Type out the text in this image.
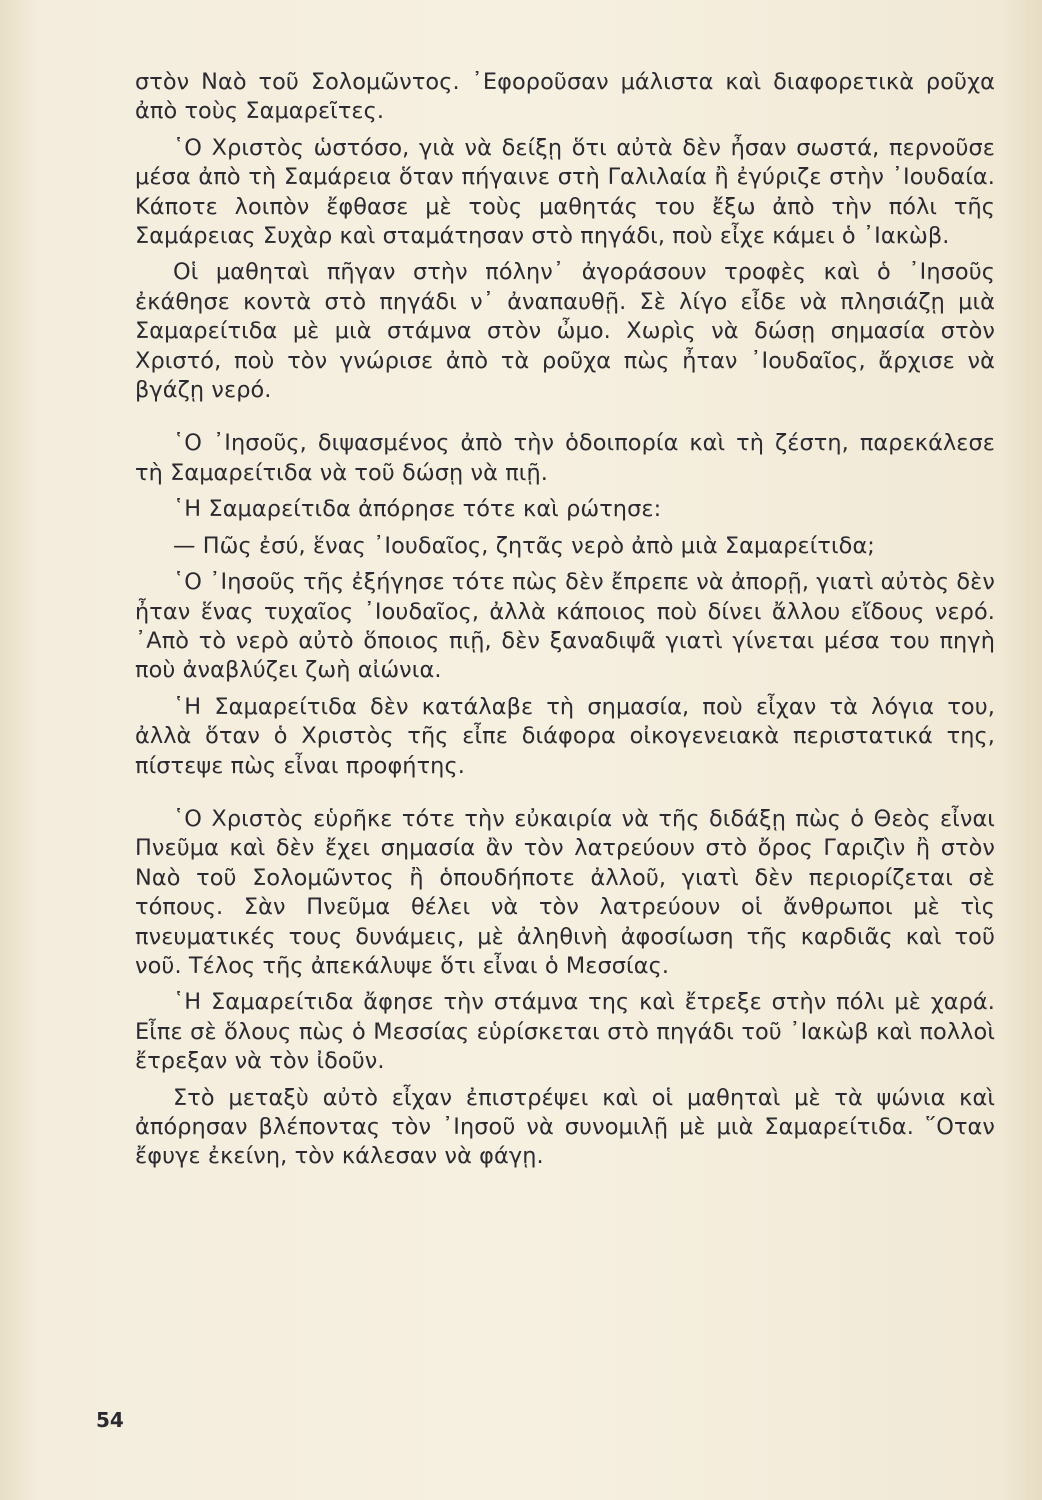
στὸν Ναὸ τοῦ Σολομῶντος. ᾿Εφοροῦσαν μάλιστα καὶ διαφορετικὰ ροῦχα ἀπὸ τοὺς Σαμαρεῖτες.

῾Ο Χριστὸς ὡστόσο, γιὰ νὰ δείξῃ ὅτι αὐτὰ δὲν ἦσαν σωστά, περνοῦσε μέσα ἀπὸ τὴ Σαμάρεια ὅταν πήγαινε στὴ Γαλιλαία ἢ ἐγύριζε στὴν ᾿Ιουδαία. Κάποτε λοιπὸν ἔφθασε μὲ τοὺς μαθητάς του ἔξω ἀπὸ τὴν πόλι τῆς Σαμάρειας Συχὰρ καὶ σταμάτησαν στὸ πηγάδι, ποὺ εἶχε κάμει ὁ ᾿Ιακὼβ.

Οἱ μαθηταὶ πῆγαν στὴν πόλην᾿ ἀγοράσουν τροφὲς καὶ ὁ ᾿Ιησοῦς ἐκάθησε κοντὰ στὸ πηγάδι ν᾿ ἀναπαυθῇ. Σὲ λίγο εἶδε νὰ πλησιάζῃ μιὰ Σαμαρείτιδα μὲ μιὰ στάμνα στὸν ὦμο. Χωρὶς νὰ δώσῃ σημασία στὸν Χριστό, ποὺ τὸν γνώρισε ἀπὸ τὰ ροῦχα πὼς ἦταν ᾿Ιουδαῖος, ἄρχισε νὰ βγάζῃ νερό.

῾Ο ᾿Ιησοῦς, διψασμένος ἀπὸ τὴν ὁδοιπορία καὶ τὴ ζέστη, παρεκάλεσε τὴ Σαμαρείτιδα νὰ τοῦ δώσῃ νὰ πιῇ.

῾Η Σαμαρείτιδα ἀπόρησε τότε καὶ ρώτησε:

— Πῶς ἐσύ, ἕνας ᾿Ιουδαῖος, ζητᾶς νερὸ ἀπὸ μιὰ Σαμαρείτιδα;

῾Ο ᾿Ιησοῦς τῆς ἐξήγησε τότε πὼς δὲν ἔπρεπε νὰ ἀπορῇ, γιατὶ αὐτὸς δὲν ἦταν ἕνας τυχαῖος ᾿Ιουδαῖος, ἀλλὰ κάποιος ποὺ δίνει ἄλλου εἴδους νερό. ᾿Απὸ τὸ νερὸ αὐτὸ ὅποιος πιῇ, δὲν ξαναδιψᾶ γιατὶ γίνεται μέσα του πηγὴ ποὺ ἀναβλύζει ζωὴ αἰώνια.

῾Η Σαμαρείτιδα δὲν κατάλαβε τὴ σημασία, ποὺ εἶχαν τὰ λόγια του, ἀλλὰ ὅταν ὁ Χριστὸς τῆς εἶπε διάφορα οἰκογενειακὰ περιστατικά της, πίστεψε πὼς εἶναι προφήτης.

῾Ο Χριστὸς εὑρῆκε τότε τὴν εὐκαιρία νὰ τῆς διδάξῃ πὼς ὁ Θεὸς εἶναι Πνεῦμα καὶ δὲν ἔχει σημασία ἂν τὸν λατρεύουν στὸ ὄρος Γαριζὶν ἢ στὸν Ναὸ τοῦ Σολομῶντος ἢ ὁπουδήποτε ἀλλοῦ, γιατὶ δὲν περιορίζεται σὲ τόπους. Σὰν Πνεῦμα θέλει νὰ τὸν λατρεύουν οἱ ἄνθρωποι μὲ τὶς πνευματικές τους δυνάμεις, μὲ ἀληθινὴ ἀφοσίωση τῆς καρδιᾶς καὶ τοῦ νοῦ. Τέλος τῆς ἀπεκάλυψε ὅτι εἶναι ὁ Μεσσίας.

῾Η Σαμαρείτιδα ἄφησε τὴν στάμνα της καὶ ἔτρεξε στὴν πόλι μὲ χαρά. Εἶπε σὲ ὅλους πὼς ὁ Μεσσίας εὑρίσκεται στὸ πηγάδι τοῦ ᾿Ιακὼβ καὶ πολλοὶ ἔτρεξαν νὰ τὸν ἰδοῦν.

Στὸ μεταξὺ αὐτὸ εἶχαν ἐπιστρέψει καὶ οἱ μαθηταὶ μὲ τὰ ψώνια καὶ ἀπόρησαν βλέποντας τὸν ᾿Ιησοῦ νὰ συνομιλῇ μὲ μιὰ Σαμαρείτιδα. ῞Οταν ἔφυγε ἐκείνη, τὸν κάλεσαν νὰ φάγῃ.

54
